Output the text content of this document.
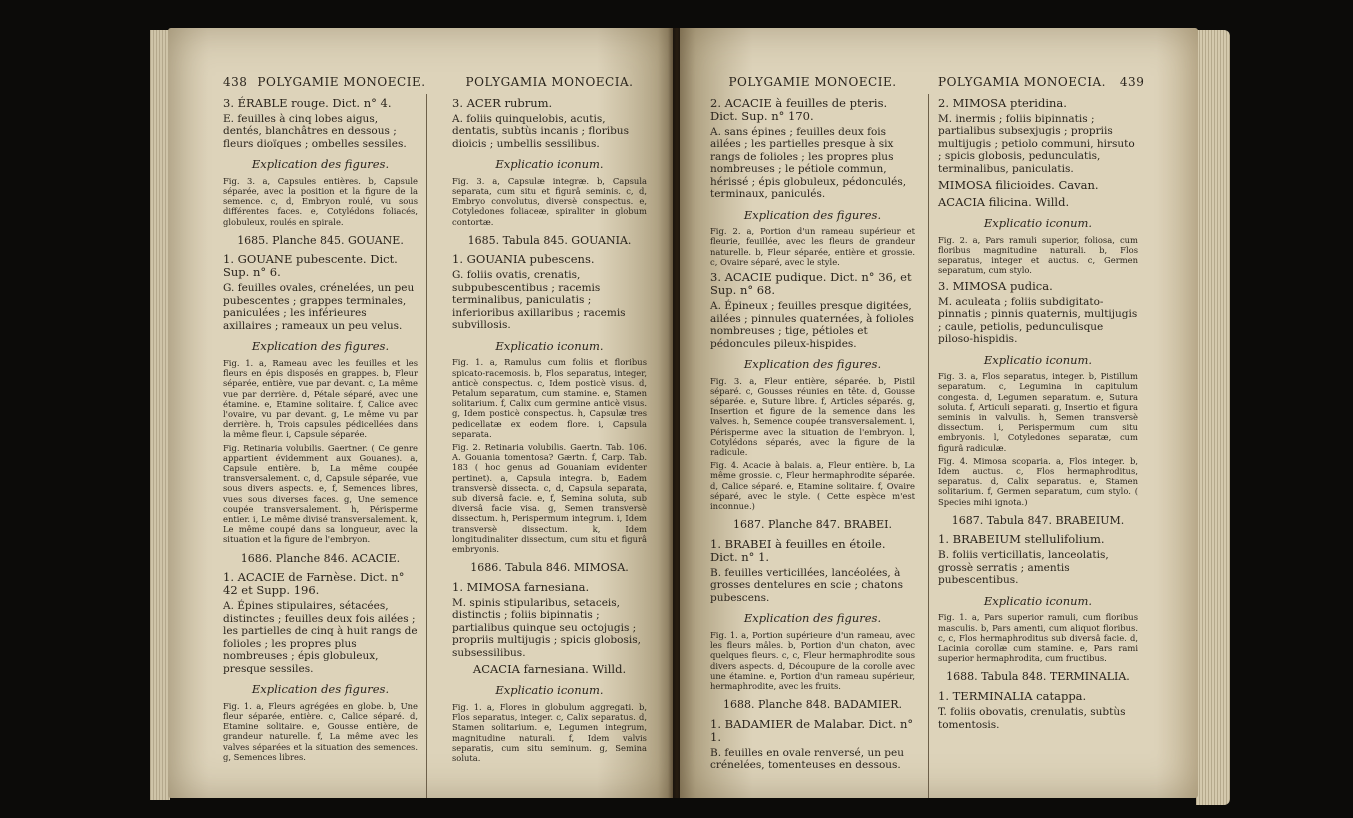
438 POLYGAMIE MONOECIE.

3. ÉRABLE rouge. Dict. n° 4.

E. feuilles à cinq lobes aigus, dentés, blanchâtres en dessous ; fleurs dioïques ; ombelles sessiles.

Explication des figures.

Fig. 3. a, Capsules entières. b, Capsule séparée, avec la position et la figure de la semence. c, d, Embryon roulé, vu sous différentes faces. e, Cotylédons foliacés, globuleux, roulés en spirale.

1685. Planche 845. GOUANE.

1. GOUANE pubescente. Dict. Sup. n° 6.

G. feuilles ovales, crénelées, un peu pubescentes ; grappes terminales, paniculées ; les inférieures axillaires ; rameaux un peu velus.

Explication des figures.

Fig. 1. a, Rameau avec les feuilles et les fleurs en épis disposés en grappes. b, Fleur séparée, entière, vue par devant. c, La même vue par derrière. d, Pétale séparé, avec une étamine. e, Etamine solitaire. f, Calice avec l'ovaire, vu par devant. g, Le même vu par derrière. h, Trois capsules pédicellées dans la même fleur. i, Capsule séparée.

Fig. Retinaria volubilis. Gaertner. ( Ce genre appartient évidemment aux Gouanes). a, Capsule entière. b, La même coupée transversalement. c, d, Capsule séparée, vue sous divers aspects. e, f, Semences libres, vues sous diverses faces. g, Une semence coupée transversalement. h, Périsperme entier. i, Le même divisé transversalement. k, Le même coupé dans sa longueur, avec la situation et la figure de l'embryon.

1686. Planche 846. ACACIE.

1. ACACIE de Farnèse. Dict. n° 42 et Supp. 196.

A. Épines stipulaires, sétacées, distinctes ; feuilles deux fois ailées ; les partielles de cinq à huit rangs de folioles ; les propres plus nombreuses ; épis globuleux, presque sessiles.

Explication des figures.

Fig. 1. a, Fleurs agrégées en globe. b, Une fleur séparée, entière. c, Calice séparé. d, Etamine solitaire. e, Gousse entière, de grandeur naturelle. f, La même avec les valves séparées et la situation des semences. g, Semences libres.

POLYGAMIA MONOECIA.

3. ACER rubrum.

A. foliis quinquelobis, acutis, dentatis, subtùs incanis ; floribus dioicis ; umbellis sessilibus.

Explicatio iconum.

Fig. 3. a, Capsulæ integræ. b, Capsula separata, cum situ et figurâ seminis. c, d, Embryo convolutus, diversè conspectus. e, Cotyledones foliaceæ, spiraliter in globum contortæ.

1685. Tabula 845. GOUANIA.

1. GOUANIA pubescens.

G. foliis ovatis, crenatis, subpubescentibus ; racemis terminalibus, paniculatis ; inferioribus axillaribus ; racemis subvillosis.

Explicatio iconum.

Fig. 1. a, Ramulus cum foliis et floribus spicato-racemosis. b, Flos separatus, integer, anticè conspectus. c, Idem posticè visus. d, Petalum separatum, cum stamine. e, Stamen solitarium. f, Calix cum germine anticè visus. g, Idem posticè conspectus. h, Capsulæ tres pedicellatæ ex eodem flore. i, Capsula separata.

Fig. 2. Retinaria volubilis. Gaertn. Tab. 106. A. Gouania tomentosa? Gærtn. f, Carp. Tab. 183 ( hoc genus ad Gouaniam evidenter pertinet). a, Capsula integra. b, Eadem transversè dissecta. c, d, Capsula separata, sub diversâ facie. e, f, Semina soluta, sub diversâ facie visa. g, Semen transversè dissectum. h, Perispermum integrum. i, Idem transversè dissectum. k, Idem longitudinaliter dissectum, cum situ et figurâ embryonis.

1686. Tabula 846. MIMOSA.

1. MIMOSA farnesiana.

M. spinis stipularibus, setaceis, distinctis ; foliis bipinnatis ; partialibus quinque seu octojugis ; propriis multijugis ; spicis globosis, subsessilibus.

ACACIA farnesiana. Willd.

Explicatio iconum.

Fig. 1. a, Flores in globulum aggregati. b, Flos separatus, integer. c, Calix separatus. d, Stamen solitarium. e, Legumen integrum, magnitudine naturali. f, Idem valvis separatis, cum situ seminum. g, Semina soluta.

POLYGAMIE MONOECIE.

2. ACACIE à feuilles de pteris. Dict. Sup. n° 170.

A. sans épines ; feuilles deux fois ailées ; les partielles presque à six rangs de folioles ; les propres plus nombreuses ; le pétiole commun, hérissé ; épis globuleux, pédonculés, terminaux, paniculés.

Explication des figures.

Fig. 2. a, Portion d'un rameau supérieur et fleurie, feuillée, avec les fleurs de grandeur naturelle. b, Fleur séparée, entière et grossie. c, Ovaire séparé, avec le style.

3. ACACIE pudique. Dict. n° 36, et Sup. n° 68.

A. Épineux ; feuilles presque digitées, ailées ; pinnules quaternées, à folioles nombreuses ; tige, pétioles et pédoncules pileux-hispides.

Explication des figures.

Fig. 3. a, Fleur entière, séparée. b, Pistil séparé. c, Gousses réunies en tête. d, Gousse séparée. e, Suture libre. f, Articles séparés. g, Insertion et figure de la semence dans les valves. h, Semence coupée transversalement. i, Périsperme avec la situation de l'embryon. l, Cotylédons séparés, avec la figure de la radicule.

Fig. 4. Acacie à balais. a, Fleur entière. b, La même grossie. c, Fleur hermaphrodite séparée. d, Calice séparé. e, Etamine solitaire. f, Ovaire séparé, avec le style. ( Cette espèce m'est inconnue.)

1687. Planche 847. BRABEI.

1. BRABEI à feuilles en étoile. Dict. n° 1.

B. feuilles verticillées, lancéolées, à grosses dentelures en scie ; chatons pubescens.

Explication des figures.

Fig. 1. a, Portion supérieure d'un rameau, avec les fleurs mâles. b, Portion d'un chaton, avec quelques fleurs. c, c, Fleur hermaphrodite sous divers aspects. d, Découpure de la corolle avec une étamine. e, Portion d'un rameau supérieur, hermaphrodite, avec les fruits.

1688. Planche 848. BADAMIER.

1. BADAMIER de Malabar. Dict. n° 1.

B. feuilles en ovale renversé, un peu crénelées, tomenteuses en dessous.

POLYGAMIA MONOECIA. 439

2. MIMOSA pteridina.

M. inermis ; foliis bipinnatis ; partialibus subsexjugis ; propriis multijugis ; petiolo communi, hirsuto ; spicis globosis, pedunculatis, terminalibus, paniculatis.

MIMOSA filicioides. Cavan.

ACACIA filicina. Willd.

Explicatio iconum.

Fig. 2. a, Pars ramuli superior, foliosa, cum floribus magnitudine naturali. b, Flos separatus, integer et auctus. c, Germen separatum, cum stylo.

3. MIMOSA pudica.

M. aculeata ; foliis subdigitato-pinnatis ; pinnis quaternis, multijugis ; caule, petiolis, pedunculisque piloso-hispidis.

Explicatio iconum.

Fig. 3. a, Flos separatus, integer. b, Pistillum separatum. c, Legumina in capitulum congesta. d, Legumen separatum. e, Sutura soluta. f, Articuli separati. g, Insertio et figura seminis in valvulis. h, Semen transversè dissectum. i, Perispermum cum situ embryonis. l, Cotyledones separatæ, cum figurâ radiculæ.

Fig. 4. Mimosa scoparia. a, Flos integer. b, Idem auctus. c, Flos hermaphroditus, separatus. d, Calix separatus. e, Stamen solitarium. f, Germen separatum, cum stylo. ( Species mihi ignota.)

1687. Tabula 847. BRABEIUM.

1. BRABEIUM stellulifolium.

B. foliis verticillatis, lanceolatis, grossè serratis ; amentis pubescentibus.

Explicatio iconum.

Fig. 1. a, Pars superior ramuli, cum floribus masculis. b, Pars amenti, cum aliquot floribus. c, c, Flos hermaphroditus sub diversâ facie. d, Lacinia corollæ cum stamine. e, Pars rami superior hermaphrodita, cum fructibus.

1688. Tabula 848. TERMINALIA.

1. TERMINALIA catappa.

T. foliis obovatis, crenulatis, subtùs tomentosis.
